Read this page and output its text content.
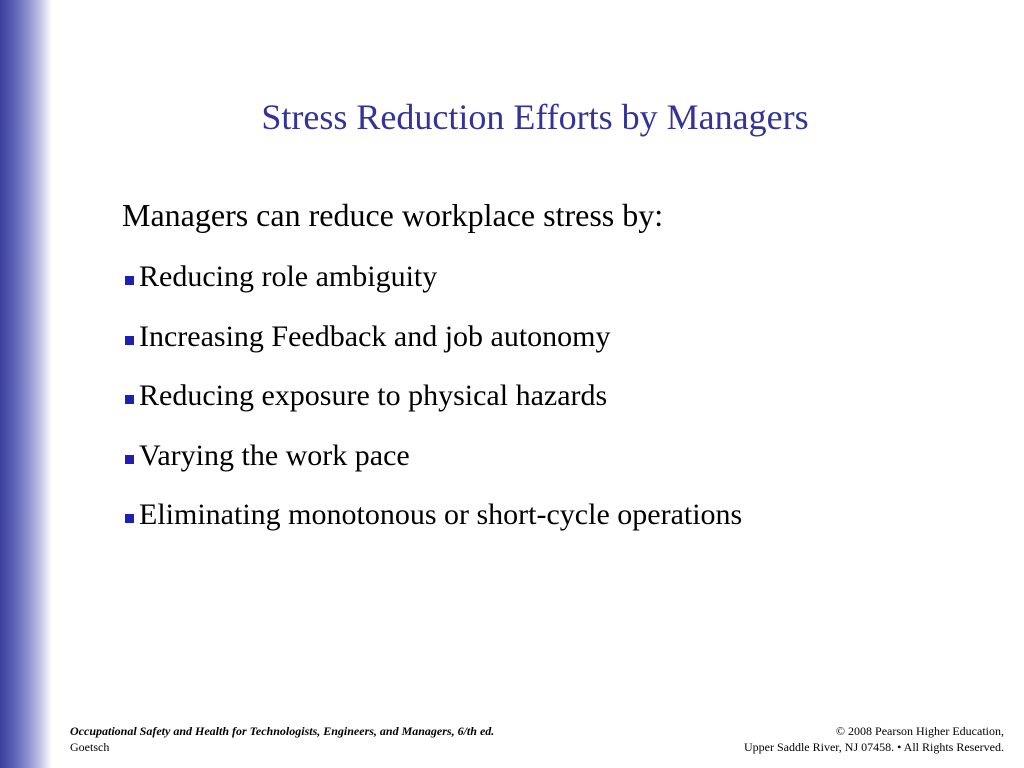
Stress Reduction Efforts by Managers
Managers can reduce workplace stress by:
Reducing role ambiguity
Increasing Feedback and job autonomy
Reducing exposure to physical hazards
Varying the work pace
Eliminating monotonous or short-cycle operations
Occupational Safety and Health for Technologists, Engineers, and Managers, 6/th ed.
Goetsch
© 2008 Pearson Higher Education,
Upper Saddle River, NJ 07458. • All Rights Reserved.
